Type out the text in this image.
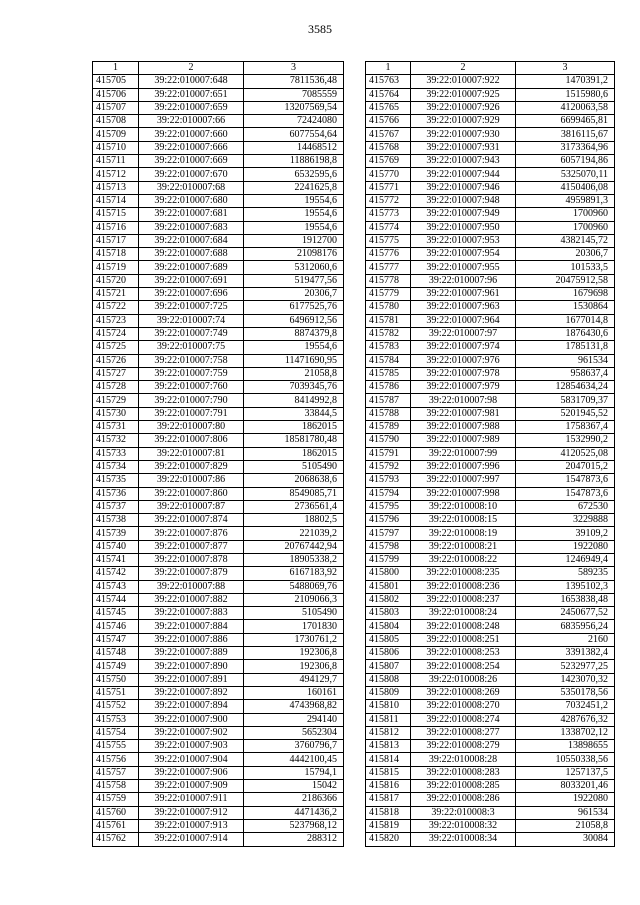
3585
1	2	3
415705	39:22:010007:648	7811536,48
415706	39:22:010007:651	7085559
415707	39:22:010007:659	13207569,54
415708	39:22:010007:66	72424080
415709	39:22:010007:660	6077554,64
415710	39:22:010007:666	14468512
415711	39:22:010007:669	11886198,8
415712	39:22:010007:670	6532595,6
415713	39:22:010007:68	2241625,8
415714	39:22:010007:680	19554,6
415715	39:22:010007:681	19554,6
415716	39:22:010007:683	19554,6
415717	39:22:010007:684	1912700
415718	39:22:010007:688	21098176
415719	39:22:010007:689	5312060,6
415720	39:22:010007:691	519477,56
415721	39:22:010007:696	20306,7
415722	39:22:010007:725	6177525,76
415723	39:22:010007:74	6496912,56
415724	39:22:010007:749	8874379,8
415725	39:22:010007:75	19554,6
415726	39:22:010007:758	11471690,95
415727	39:22:010007:759	21058,8
415728	39:22:010007:760	7039345,76
415729	39:22:010007:790	8414992,8
415730	39:22:010007:791	33844,5
415731	39:22:010007:80	1862015
415732	39:22:010007:806	18581780,48
415733	39:22:010007:81	1862015
415734	39:22:010007:829	5105490
415735	39:22:010007:86	2068638,6
415736	39:22:010007:860	8549085,71
415737	39:22:010007:87	2736561,4
415738	39:22:010007:874	18802,5
415739	39:22:010007:876	221039,2
415740	39:22:010007:877	20767442,94
415741	39:22:010007:878	18905338,2
415742	39:22:010007:879	6167183,92
415743	39:22:010007:88	5488069,76
415744	39:22:010007:882	2109066,3
415745	39:22:010007:883	5105490
415746	39:22:010007:884	1701830
415747	39:22:010007:886	1730761,2
415748	39:22:010007:889	192306,8
415749	39:22:010007:890	192306,8
415750	39:22:010007:891	494129,7
415751	39:22:010007:892	160161
415752	39:22:010007:894	4743968,82
415753	39:22:010007:900	294140
415754	39:22:010007:902	5652304
415755	39:22:010007:903	3760796,7
415756	39:22:010007:904	4442100,45
415757	39:22:010007:906	15794,1
415758	39:22:010007:909	15042
415759	39:22:010007:911	2186366
415760	39:22:010007:912	4471436,2
415761	39:22:010007:913	5237968,12
415762	39:22:010007:914	288312
1	2	3
415763	39:22:010007:922	1470391,2
415764	39:22:010007:925	1515980,6
415765	39:22:010007:926	4120063,58
415766	39:22:010007:929	6699465,81
415767	39:22:010007:930	3816115,67
415768	39:22:010007:931	3173364,96
415769	39:22:010007:943	6057194,86
415770	39:22:010007:944	5325070,11
415771	39:22:010007:946	4150406,08
415772	39:22:010007:948	4959891,3
415773	39:22:010007:949	1700960
415774	39:22:010007:950	1700960
415775	39:22:010007:953	4382145,72
415776	39:22:010007:954	20306,7
415777	39:22:010007:955	101533,5
415778	39:22:010007:96	20475912,58
415779	39:22:010007:961	1679698
415780	39:22:010007:963	1530864
415781	39:22:010007:964	1677014,8
415782	39:22:010007:97	1876430,6
415783	39:22:010007:974	1785131,8
415784	39:22:010007:976	961534
415785	39:22:010007:978	958637,4
415786	39:22:010007:979	12854634,24
415787	39:22:010007:98	5831709,37
415788	39:22:010007:981	5201945,52
415789	39:22:010007:988	1758367,4
415790	39:22:010007:989	1532990,2
415791	39:22:010007:99	4120525,08
415792	39:22:010007:996	2047015,2
415793	39:22:010007:997	1547873,6
415794	39:22:010007:998	1547873,6
415795	39:22:010008:10	672530
415796	39:22:010008:15	3229888
415797	39:22:010008:19	39109,2
415798	39:22:010008:21	1922080
415799	39:22:010008:22	1246949,4
415800	39:22:010008:235	589235
415801	39:22:010008:236	1395102,3
415802	39:22:010008:237	1653838,48
415803	39:22:010008:24	2450677,52
415804	39:22:010008:248	6835956,24
415805	39:22:010008:251	2160
415806	39:22:010008:253	3391382,4
415807	39:22:010008:254	5232977,25
415808	39:22:010008:26	1423070,32
415809	39:22:010008:269	5350178,56
415810	39:22:010008:270	7032451,2
415811	39:22:010008:274	4287676,32
415812	39:22:010008:277	1338702,12
415813	39:22:010008:279	13898655
415814	39:22:010008:28	10550338,56
415815	39:22:010008:283	1257137,5
415816	39:22:010008:285	8033201,46
415817	39:22:010008:286	1922080
415818	39:22:010008:3	961534
415819	39:22:010008:32	21058,8
415820	39:22:010008:34	30084
